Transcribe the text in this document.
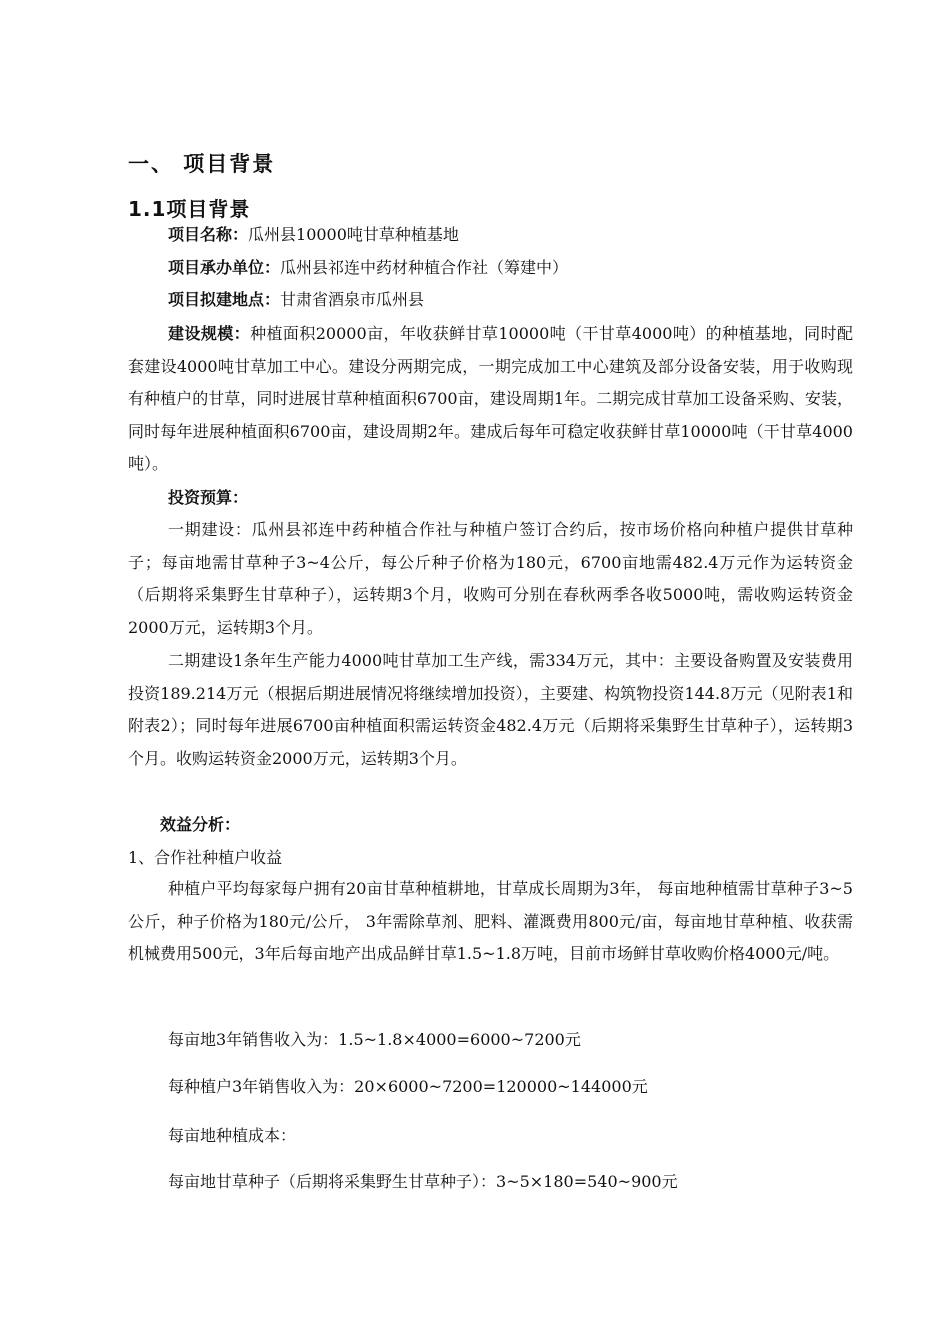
一、 项目背景
1.1项目背景
项目名称：瓜州县10000吨甘草种植基地
项目承办单位：瓜州县祁连中药材种植合作社（筹建中）
项目拟建地点：甘肃省酒泉市瓜州县
建设规模：种植面积20000亩，年收获鲜甘草10000吨（干甘草4000吨）的种植基地，同时配套建设4000吨甘草加工中心。建设分两期完成，一期完成加工中心建筑及部分设备安装，用于收购现有种植户的甘草，同时进展甘草种植面积6700亩，建设周期1年。二期完成甘草加工设备采购、安装，同时每年进展种植面积6700亩，建设周期2年。建成后每年可稳定收获鲜甘草10000吨（干甘草4000吨）。
投资预算：
一期建设：瓜州县祁连中药种植合作社与种植户签订合约后，按市场价格向种植户提供甘草种子；每亩地需甘草种子3~4公斤，每公斤种子价格为180元，6700亩地需482.4万元作为运转资金（后期将采集野生甘草种子），运转期3个月，收购可分别在春秋两季各收5000吨，需收购运转资金2000万元，运转期3个月。
二期建设1条年生产能力4000吨甘草加工生产线，需334万元，其中：主要设备购置及安装费用投资189.214万元（根据后期进展情况将继续增加投资），主要建、构筑物投资144.8万元（见附表1和附表2）；同时每年进展6700亩种植面积需运转资金482.4万元（后期将采集野生甘草种子），运转期3个月。收购运转资金2000万元，运转期3个月。
效益分析：
1、合作社种植户收益
种植户平均每家每户拥有20亩甘草种植耕地，甘草成长周期为3年， 每亩地种植需甘草种子3~5公斤，种子价格为180元/公斤， 3年需除草剂、肥料、灌溉费用800元/亩，每亩地甘草种植、收获需机械费用500元，3年后每亩地产出成品鲜甘草1.5~1.8万吨，目前市场鲜甘草收购价格4000元/吨。
每亩地3年销售收入为：1.5~1.8×4000=6000~7200元
每种植户3年销售收入为：20×6000~7200=120000~144000元
每亩地种植成本：
每亩地甘草种子（后期将采集野生甘草种子）：3~5×180=540~900元
